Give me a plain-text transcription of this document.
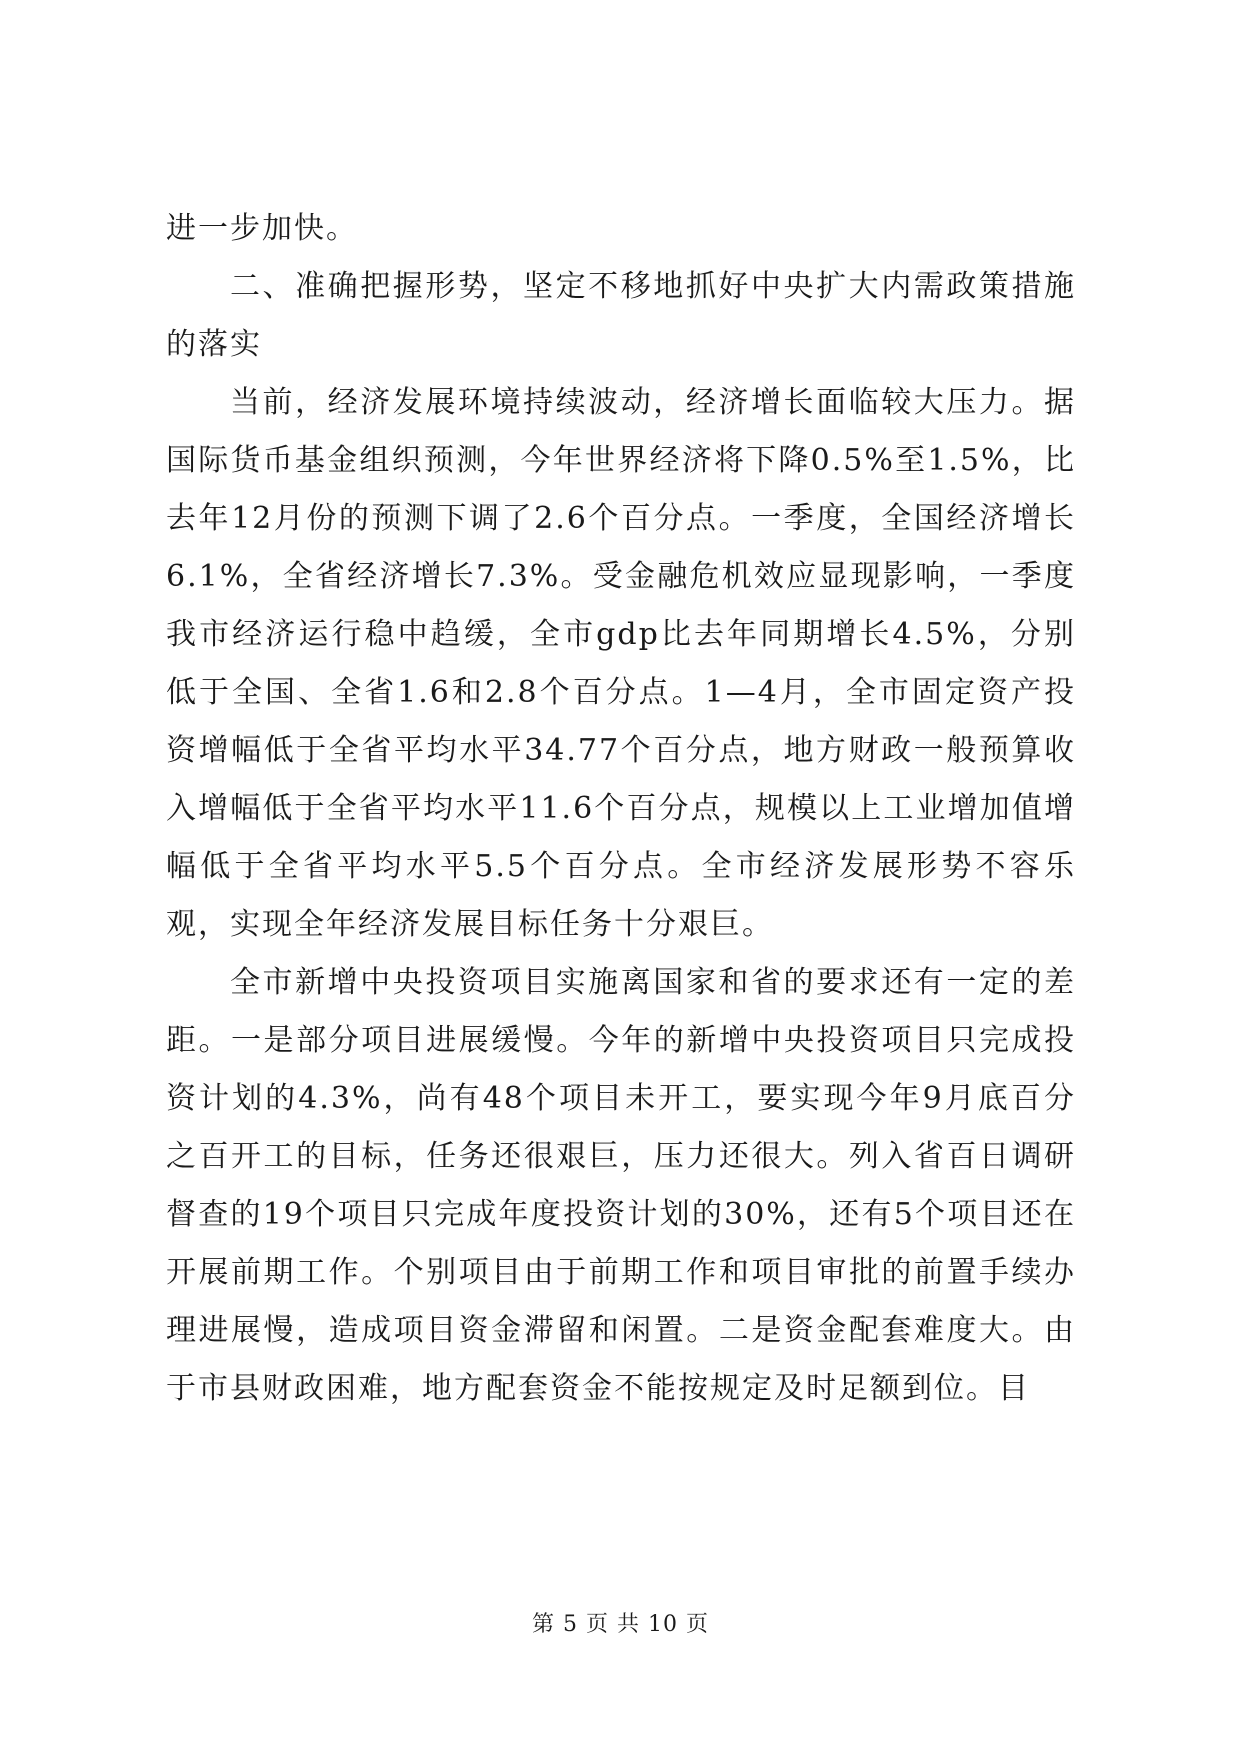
进一步加快。

二、准确把握形势，坚定不移地抓好中央扩大内需政策措施的落实

当前，经济发展环境持续波动，经济增长面临较大压力。据国际货币基金组织预测，今年世界经济将下降0.5%至1.5%，比去年12月份的预测下调了2.6个百分点。一季度，全国经济增长6.1%，全省经济增长7.3%。受金融危机效应显现影响，一季度我市经济运行稳中趋缓，全市gdp比去年同期增长4.5%，分别低于全国、全省1.6和2.8个百分点。1—4月，全市固定资产投资增幅低于全省平均水平34.77个百分点，地方财政一般预算收入增幅低于全省平均水平11.6个百分点，规模以上工业增加值增幅低于全省平均水平5.5个百分点。全市经济发展形势不容乐观，实现全年经济发展目标任务十分艰巨。

全市新增中央投资项目实施离国家和省的要求还有一定的差距。一是部分项目进展缓慢。今年的新增中央投资项目只完成投资计划的4.3%，尚有48个项目未开工，要实现今年9月底百分之百开工的目标，任务还很艰巨，压力还很大。列入省百日调研督查的19个项目只完成年度投资计划的30%，还有5个项目还在开展前期工作。个别项目由于前期工作和项目审批的前置手续办理进展慢，造成项目资金滞留和闲置。二是资金配套难度大。由于市县财政困难，地方配套资金不能按规定及时足额到位。目

第 5 页 共 10 页
